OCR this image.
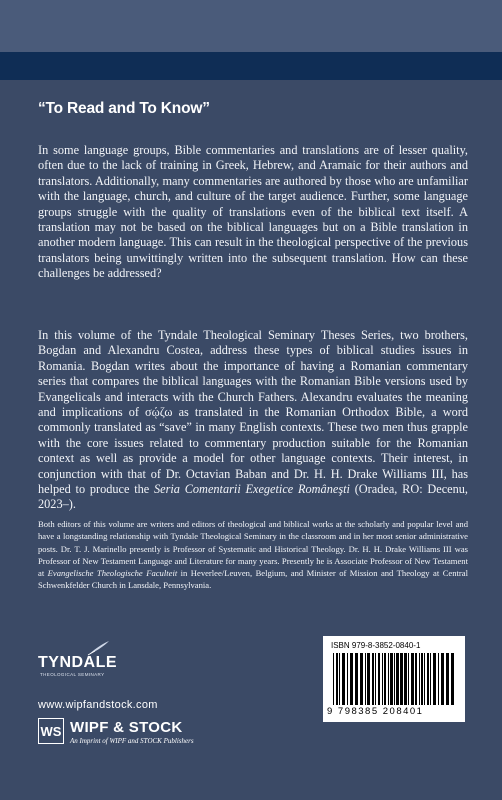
“To Read and To Know”

In some language groups, Bible commentaries and translations are of lesser quality, often due to the lack of training in Greek, Hebrew, and Aramaic for their authors and translators. Additionally, many commentaries are authored by those who are unfamiliar with the language, church, and culture of the target audience. Further, some language groups struggle with the quality of translations even of the biblical text itself. A translation may not be based on the biblical languages but on a Bible translation in another modern language. This can result in the theological perspective of the previous translators being unwittingly written into the subsequent translation. How can these challenges be addressed?

In this volume of the Tyndale Theological Seminary Theses Series, two brothers, Bogdan and Alexandru Costea, address these types of biblical studies issues in Romania. Bogdan writes about the importance of having a Romanian commentary series that compares the biblical languages with the Romanian Bible versions used by Evangelicals and interacts with the Church Fathers. Alexandru evaluates the meaning and implications of σῴζω as translated in the Romanian Orthodox Bible, a word commonly translated as “save” in many English contexts. These two men thus grapple with the core issues related to commentary production suitable for the Romanian context as well as provide a model for other language contexts. Their interest, in conjunction with that of Dr. Octavian Baban and Dr. H. H. Drake Williams III, has helped to produce the Seria Comentarii Exegetice Româneşti (Oradea, RO: Decenu, 2023–).

Both editors of this volume are writers and editors of theological and biblical works at the scholarly and popular level and have a longstanding relationship with Tyndale Theological Seminary in the classroom and in her most senior administrative posts. Dr. T. J. Marinello presently is Professor of Systematic and Historical Theology. Dr. H. H. Drake Williams III was Professor of New Testament Language and Literature for many years. Presently he is Associate Professor of New Testament at Evangelische Theologische Faculteit in Heverlee/Leuven, Belgium, and Minister of Mission and Theology at Central Schwenkfelder Church in Lansdale, Pennsylvania.

TYNDALE
THEOLOGICAL SEMINARY
www.wipfandstock.com
WS WIPF & STOCK
An Imprint of WIPF and STOCK Publishers
ISBN 979-8-3852-0840-1
9 798385 208401
